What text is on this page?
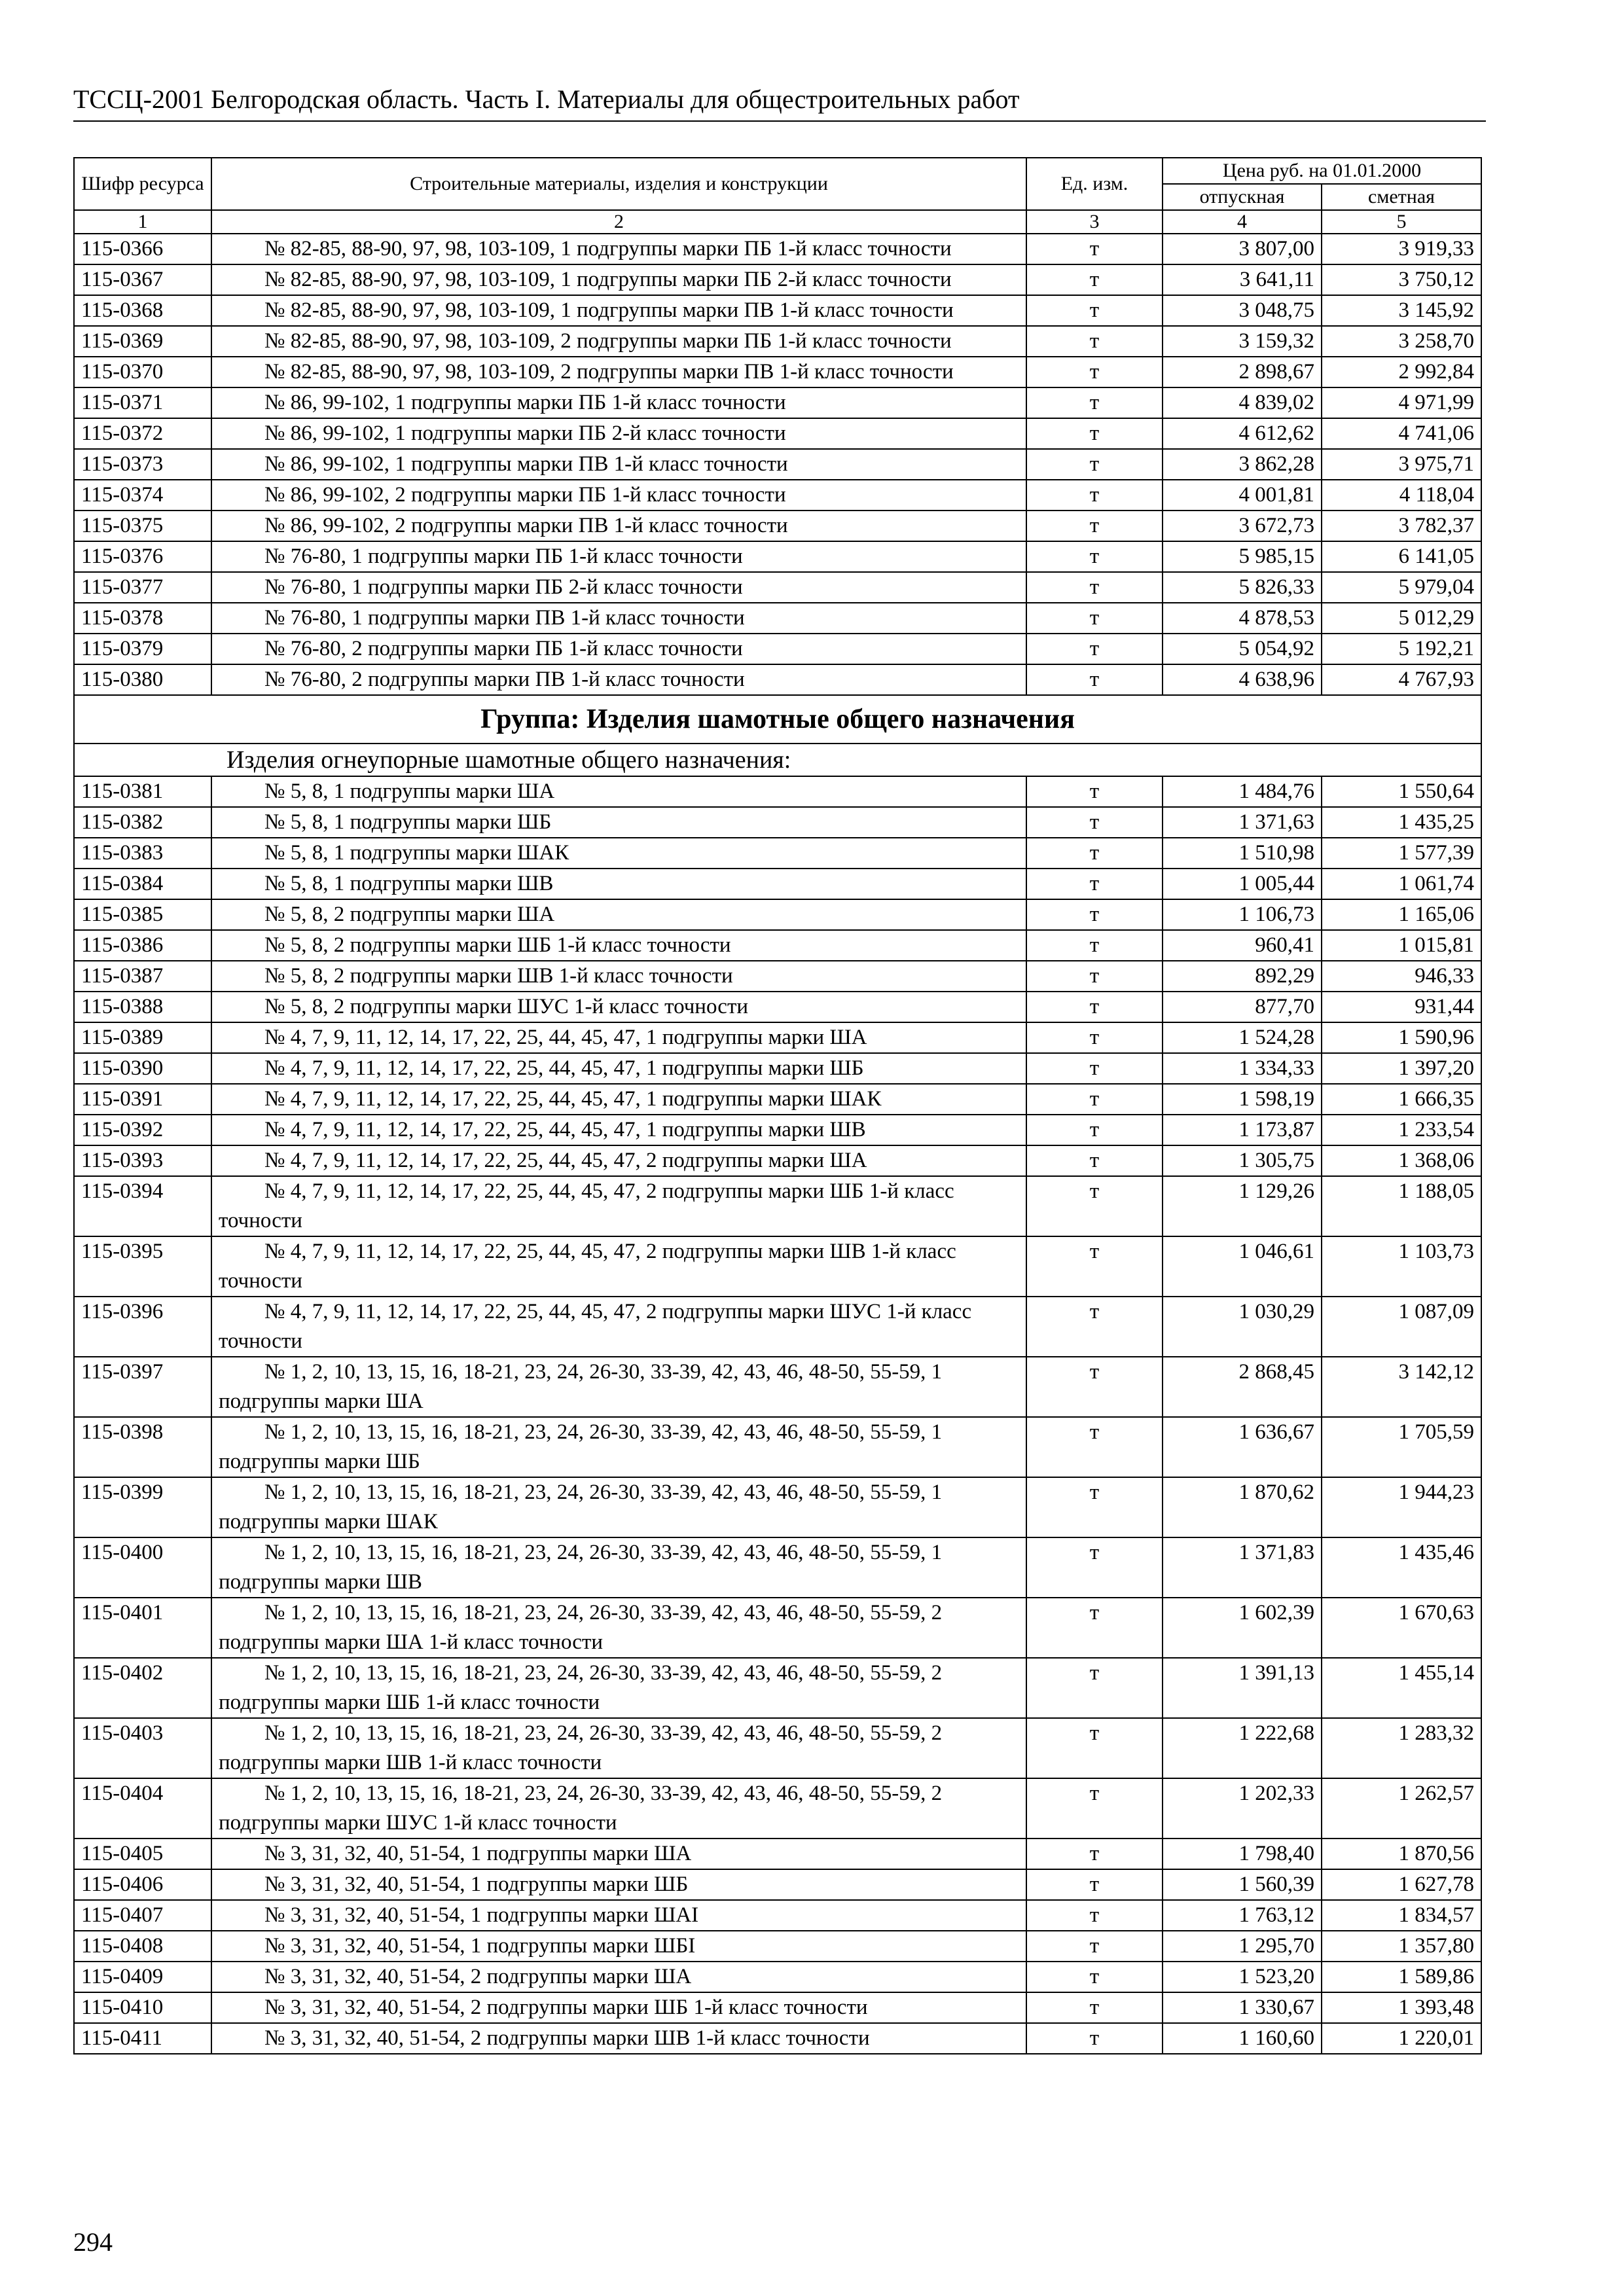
ТССЦ-2001 Белгородская область. Часть I. Материалы для общестроительных работ
Шифр ресурса	Строительные материалы, изделия и конструкции	Ед. изм.	Цена руб. на 01.01.2000	
			отпускная	сметная
1	2	3	4	5
115-0366	№ 82-85, 88-90, 97, 98, 103-109, 1 подгруппы марки ПБ 1-й класс точности	т	3 807,00	3 919,33
115-0367	№ 82-85, 88-90, 97, 98, 103-109, 1 подгруппы марки ПБ 2-й класс точности	т	3 641,11	3 750,12
115-0368	№ 82-85, 88-90, 97, 98, 103-109, 1 подгруппы марки ПВ 1-й класс точности	т	3 048,75	3 145,92
115-0369	№ 82-85, 88-90, 97, 98, 103-109, 2 подгруппы марки ПБ 1-й класс точности	т	3 159,32	3 258,70
115-0370	№ 82-85, 88-90, 97, 98, 103-109, 2 подгруппы марки ПВ 1-й класс точности	т	2 898,67	2 992,84
115-0371	№ 86, 99-102, 1 подгруппы марки ПБ 1-й класс точности	т	4 839,02	4 971,99
115-0372	№ 86, 99-102, 1 подгруппы марки ПБ 2-й класс точности	т	4 612,62	4 741,06
115-0373	№ 86, 99-102, 1 подгруппы марки ПВ 1-й класс точности	т	3 862,28	3 975,71
115-0374	№ 86, 99-102, 2 подгруппы марки ПБ 1-й класс точности	т	4 001,81	4 118,04
115-0375	№ 86, 99-102, 2 подгруппы марки ПВ 1-й класс точности	т	3 672,73	3 782,37
115-0376	№ 76-80, 1 подгруппы марки ПБ 1-й класс точности	т	5 985,15	6 141,05
115-0377	№ 76-80, 1 подгруппы марки ПБ 2-й класс точности	т	5 826,33	5 979,04
115-0378	№ 76-80, 1 подгруппы марки ПВ 1-й класс точности	т	4 878,53	5 012,29
115-0379	№ 76-80, 2 подгруппы марки ПБ 1-й класс точности	т	5 054,92	5 192,21
115-0380	№ 76-80, 2 подгруппы марки ПВ 1-й класс точности	т	4 638,96	4 767,93
Группа: Изделия шамотные общего назначения				
Изделия огнеупорные шамотные общего назначения:				
115-0381	№ 5, 8, 1 подгруппы марки ША	т	1 484,76	1 550,64
115-0382	№ 5, 8, 1 подгруппы марки ШБ	т	1 371,63	1 435,25
115-0383	№ 5, 8, 1 подгруппы марки ШАК	т	1 510,98	1 577,39
115-0384	№ 5, 8, 1 подгруппы марки ШВ	т	1 005,44	1 061,74
115-0385	№ 5, 8, 2 подгруппы марки ША	т	1 106,73	1 165,06
115-0386	№ 5, 8, 2 подгруппы марки ШБ 1-й класс точности	т	960,41	1 015,81
115-0387	№ 5, 8, 2 подгруппы марки ШВ 1-й класс точности	т	892,29	946,33
115-0388	№ 5, 8, 2 подгруппы марки ШУС 1-й класс точности	т	877,70	931,44
115-0389	№ 4, 7, 9, 11, 12, 14, 17, 22, 25, 44, 45, 47, 1 подгруппы марки ША	т	1 524,28	1 590,96
115-0390	№ 4, 7, 9, 11, 12, 14, 17, 22, 25, 44, 45, 47, 1 подгруппы марки ШБ	т	1 334,33	1 397,20
115-0391	№ 4, 7, 9, 11, 12, 14, 17, 22, 25, 44, 45, 47, 1 подгруппы марки ШАК	т	1 598,19	1 666,35
115-0392	№ 4, 7, 9, 11, 12, 14, 17, 22, 25, 44, 45, 47, 1 подгруппы марки ШВ	т	1 173,87	1 233,54
115-0393	№ 4, 7, 9, 11, 12, 14, 17, 22, 25, 44, 45, 47, 2 подгруппы марки ША	т	1 305,75	1 368,06
115-0394	№ 4, 7, 9, 11, 12, 14, 17, 22, 25, 44, 45, 47, 2 подгруппы марки ШБ 1-й класс точности	т	1 129,26	1 188,05
115-0395	№ 4, 7, 9, 11, 12, 14, 17, 22, 25, 44, 45, 47, 2 подгруппы марки ШВ 1-й класс точности	т	1 046,61	1 103,73
115-0396	№ 4, 7, 9, 11, 12, 14, 17, 22, 25, 44, 45, 47, 2 подгруппы марки ШУС 1-й класс точности	т	1 030,29	1 087,09
115-0397	№ 1, 2, 10, 13, 15, 16, 18-21, 23, 24, 26-30, 33-39, 42, 43, 46, 48-50, 55-59, 1 подгруппы марки ША	т	2 868,45	3 142,12
115-0398	№ 1, 2, 10, 13, 15, 16, 18-21, 23, 24, 26-30, 33-39, 42, 43, 46, 48-50, 55-59, 1 подгруппы марки ШБ	т	1 636,67	1 705,59
115-0399	№ 1, 2, 10, 13, 15, 16, 18-21, 23, 24, 26-30, 33-39, 42, 43, 46, 48-50, 55-59, 1 подгруппы марки ШАК	т	1 870,62	1 944,23
115-0400	№ 1, 2, 10, 13, 15, 16, 18-21, 23, 24, 26-30, 33-39, 42, 43, 46, 48-50, 55-59, 1 подгруппы марки ШВ	т	1 371,83	1 435,46
115-0401	№ 1, 2, 10, 13, 15, 16, 18-21, 23, 24, 26-30, 33-39, 42, 43, 46, 48-50, 55-59, 2 подгруппы марки ША 1-й класс точности	т	1 602,39	1 670,63
115-0402	№ 1, 2, 10, 13, 15, 16, 18-21, 23, 24, 26-30, 33-39, 42, 43, 46, 48-50, 55-59, 2 подгруппы марки ШБ 1-й класс точности	т	1 391,13	1 455,14
115-0403	№ 1, 2, 10, 13, 15, 16, 18-21, 23, 24, 26-30, 33-39, 42, 43, 46, 48-50, 55-59, 2 подгруппы марки ШВ 1-й класс точности	т	1 222,68	1 283,32
115-0404	№ 1, 2, 10, 13, 15, 16, 18-21, 23, 24, 26-30, 33-39, 42, 43, 46, 48-50, 55-59, 2 подгруппы марки ШУС 1-й класс точности	т	1 202,33	1 262,57
115-0405	№ 3, 31, 32, 40, 51-54, 1 подгруппы марки ША	т	1 798,40	1 870,56
115-0406	№ 3, 31, 32, 40, 51-54, 1 подгруппы марки ШБ	т	1 560,39	1 627,78
115-0407	№ 3, 31, 32, 40, 51-54, 1 подгруппы марки ШАI	т	1 763,12	1 834,57
115-0408	№ 3, 31, 32, 40, 51-54, 1 подгруппы марки ШБI	т	1 295,70	1 357,80
115-0409	№ 3, 31, 32, 40, 51-54, 2 подгруппы марки ША	т	1 523,20	1 589,86
115-0410	№ 3, 31, 32, 40, 51-54, 2 подгруппы марки ШБ 1-й класс точности	т	1 330,67	1 393,48
115-0411	№ 3, 31, 32, 40, 51-54, 2 подгруппы марки ШВ 1-й класс точности	т	1 160,60	1 220,01
294
